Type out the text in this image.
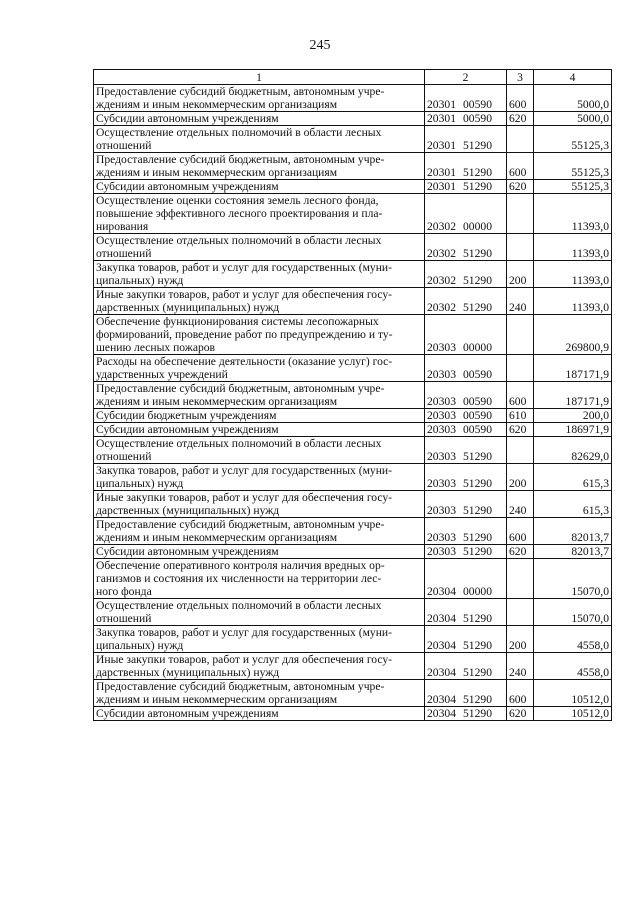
245
1	2	3	4
Предоставление субсидий бюджетным, автономным учре-
ждениям и иным некоммерческим организациям	20301 00590	600	5000,0
Субсидии автономным учреждениям	20301 00590	620	5000,0
Осуществление отдельных полномочий в области лесных
отношений	20301 51290		55125,3
Предоставление субсидий бюджетным, автономным учре-
ждениям и иным некоммерческим организациям	20301 51290	600	55125,3
Субсидии автономным учреждениям	20301 51290	620	55125,3
Осуществление оценки состояния земель лесного фонда,
повышение эффективного лесного проектирования и пла-
нирования	20302 00000		11393,0
Осуществление отдельных полномочий в области лесных
отношений	20302 51290		11393,0
Закупка товаров, работ и услуг для государственных (муни-
ципальных) нужд	20302 51290	200	11393,0
Иные закупки товаров, работ и услуг для обеспечения госу-
дарственных (муниципальных) нужд	20302 51290	240	11393,0
Обеспечение функционирования системы лесопожарных
формирований, проведение работ по предупреждению и ту-
шению лесных пожаров	20303 00000		269800,9
Расходы на обеспечение деятельности (оказание услуг) гос-
ударственных учреждений	20303 00590		187171,9
Предоставление субсидий бюджетным, автономным учре-
ждениям и иным некоммерческим организациям	20303 00590	600	187171,9
Субсидии бюджетным учреждениям	20303 00590	610	200,0
Субсидии автономным учреждениям	20303 00590	620	186971,9
Осуществление отдельных полномочий в области лесных
отношений	20303 51290		82629,0
Закупка товаров, работ и услуг для государственных (муни-
ципальных) нужд	20303 51290	200	615,3
Иные закупки товаров, работ и услуг для обеспечения госу-
дарственных (муниципальных) нужд	20303 51290	240	615,3
Предоставление субсидий бюджетным, автономным учре-
ждениям и иным некоммерческим организациям	20303 51290	600	82013,7
Субсидии автономным учреждениям	20303 51290	620	82013,7
Обеспечение оперативного контроля наличия вредных ор-
ганизмов и состояния их численности на территории лес-
ного фонда	20304 00000		15070,0
Осуществление отдельных полномочий в области лесных
отношений	20304 51290		15070,0
Закупка товаров, работ и услуг для государственных (муни-
ципальных) нужд	20304 51290	200	4558,0
Иные закупки товаров, работ и услуг для обеспечения госу-
дарственных (муниципальных) нужд	20304 51290	240	4558,0
Предоставление субсидий бюджетным, автономным учре-
ждениям и иным некоммерческим организациям	20304 51290	600	10512,0
Субсидии автономным учреждениям	20304 51290	620	10512,0
